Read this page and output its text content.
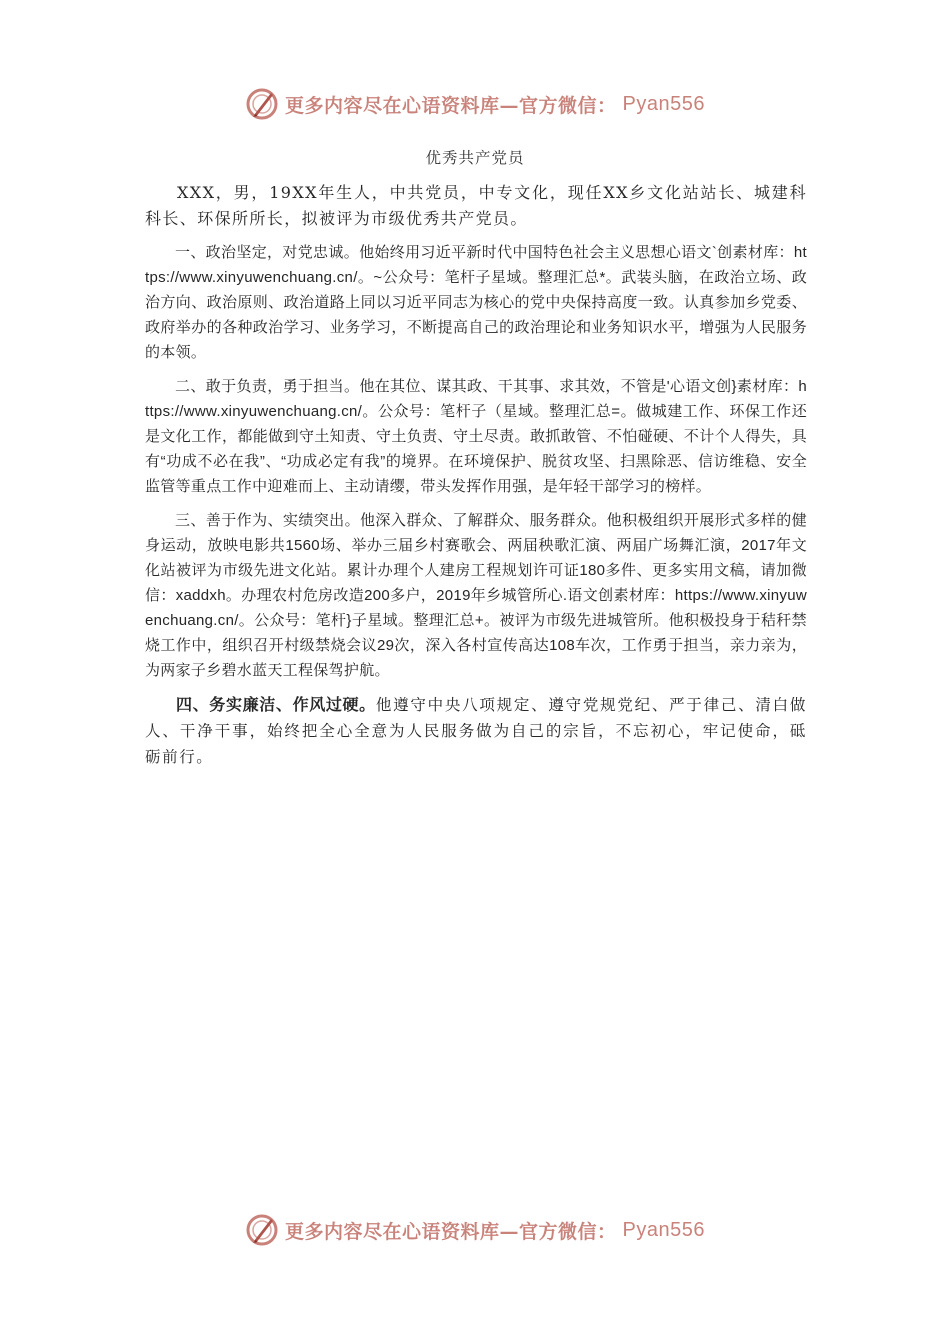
更多内容尽在心语资料库—官方微信： Pyan556
优秀共产党员

XXX，男，19XX年生人，中共党员，中专文化，现任XX乡文化站站长、城建科科长、环保所所长，拟被评为市级优秀共产党员。

一、政治坚定，对党忠诚。他始终用习近平新时代中国特色社会主义思想心语文`创素材库：https://www.xinyuwenchuang.cn/。~公众号：笔杆子星域。整理汇总*。武装头脑，在政治立场、政治方向、政治原则、政治道路上同以习近平同志为核心的党中央保持高度一致。认真参加乡党委、政府举办的各种政治学习、业务学习，不断提高自己的政治理论和业务知识水平，增强为人民服务的本领。

二、敢于负责，勇于担当。他在其位、谋其政、干其事、求其效，不管是'心语文创}素材库：https://www.xinyuwenchuang.cn/。公众号：笔杆子（星域。整理汇总=。做城建工作、环保工作还是文化工作，都能做到守土知责、守土负责、守土尽责。敢抓敢管、不怕碰硬、不计个人得失，具有“功成不必在我”、“功成必定有我”的境界。在环境保护、脱贫攻坚、扫黑除恶、信访维稳、安全监管等重点工作中迎难而上、主动请缨，带头发挥作用强，是年轻干部学习的榜样。

三、善于作为、实绩突出。他深入群众、了解群众、服务群众。他积极组织开展形式多样的健身运动，放映电影共1560场、举办三届乡村赛歌会、两届秧歌汇演、两届广场舞汇演，2017年文化站被评为市级先进文化站。累计办理个人建房工程规划许可证180多件、更多实用文稿，请加微信：xaddxh。办理农村危房改造200多户，2019年乡城管所心.语文创素材库：https://www.xinyuwenchuang.cn/。公众号：笔杆}子星域。整理汇总+。被评为市级先进城管所。他积极投身于秸秆禁烧工作中，组织召开村级禁烧会议29次，深入各村宣传高达108车次，工作勇于担当，亲力亲为，为两家子乡碧水蓝天工程保驾护航。

四、务实廉洁、作风过硬。他遵守中央八项规定、遵守党规党纪、严于律己、清白做人、干净干事，始终把全心全意为人民服务做为自己的宗旨，不忘初心，牢记使命，砥砺前行。

更多内容尽在心语资料库—官方微信： Pyan556
